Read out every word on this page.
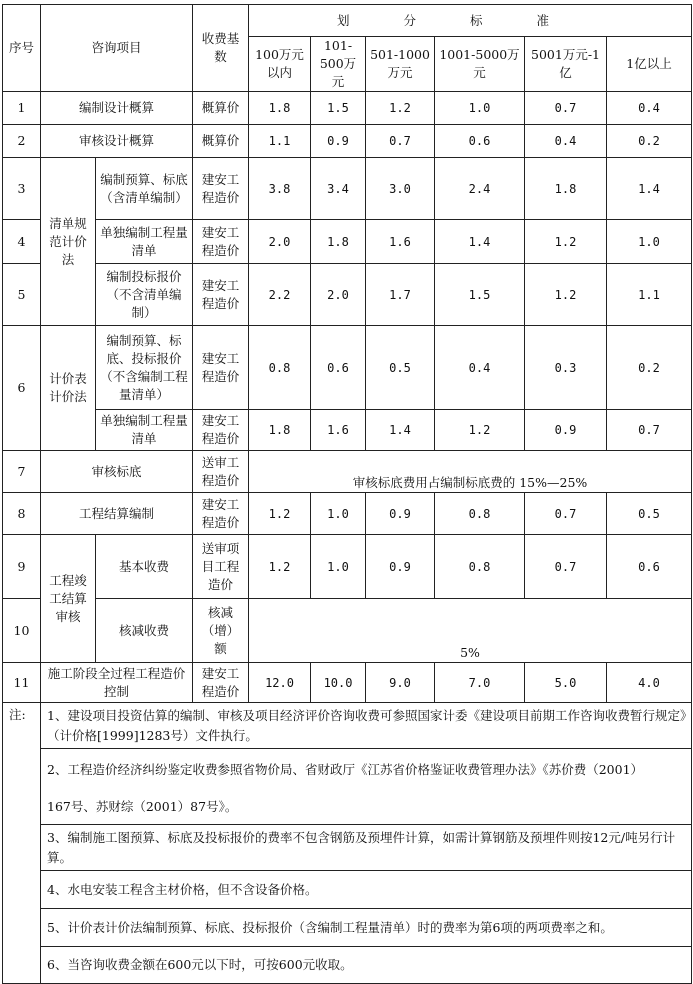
序号	咨询项目		收费基数	划分标准					
				100万元以内	101-500万元	501-1000万元	1001-5000万元	5001万元-1亿	1亿以上
1	编制设计概算		概算价	1.8	1.5	1.2	1.0	0.7	0.4
2	审核设计概算		概算价	1.1	0.9	0.7	0.6	0.4	0.2
3	清单规范计价法	编制预算、标底（含清单编制）	建安工程造价	3.8	3.4	3.0	2.4	1.8	1.4
4		单独编制工程量清单	建安工程造价	2.0	1.8	1.6	1.4	1.2	1.0
5		编制投标报价（不含清单编制）	建安工程造价	2.2	2.0	1.7	1.5	1.2	1.1
6	计价表计价法	编制预算、标底、投标报价（不含编制工程量清单）	建安工程造价	0.8	0.6	0.5	0.4	0.3	0.2
		单独编制工程量清单	建安工程造价	1.8	1.6	1.4	1.2	0.9	0.7
7	审核标底		送审工程造价	审核标底费用占编制标底费的 15%—25%					
8	工程结算编制		建安工程造价	1.2	1.0	0.9	0.8	0.7	0.5
9	工程竣工结算审核	基本收费	送审项目工程造价	1.2	1.0	0.9	0.8	0.7	0.6
10		核减收费	核减（增）额	5%					
11	施工阶段全过程工程造价控制		建安工程造价	12.0	10.0	9.0	7.0	5.0	4.0
注:	1、建设项目投资估算的编制、审核及项目经济评价咨询收费可参照国家计委《建设项目前期工作咨询收费暂行规定》（计价格[1999]1283号）文件执行。								
	2、工程造价经济纠纷鉴定收费参照省物价局、省财政厅《江苏省价格鉴证收费管理办法》《苏价费（2001）								
	167号、苏财综（2001）87号》。								
	3、编制施工图预算、标底及投标报价的费率不包含钢筋及预埋件计算，如需计算钢筋及预埋件则按12元/吨另行计算。								
	4、水电安装工程含主材价格，但不含设备价格。								
	5、计价表计价法编制预算、标底、投标报价（含编制工程量清单）时的费率为第6项的两项费率之和。								
	6、当咨询收费金额在600元以下时，可按600元收取。								
